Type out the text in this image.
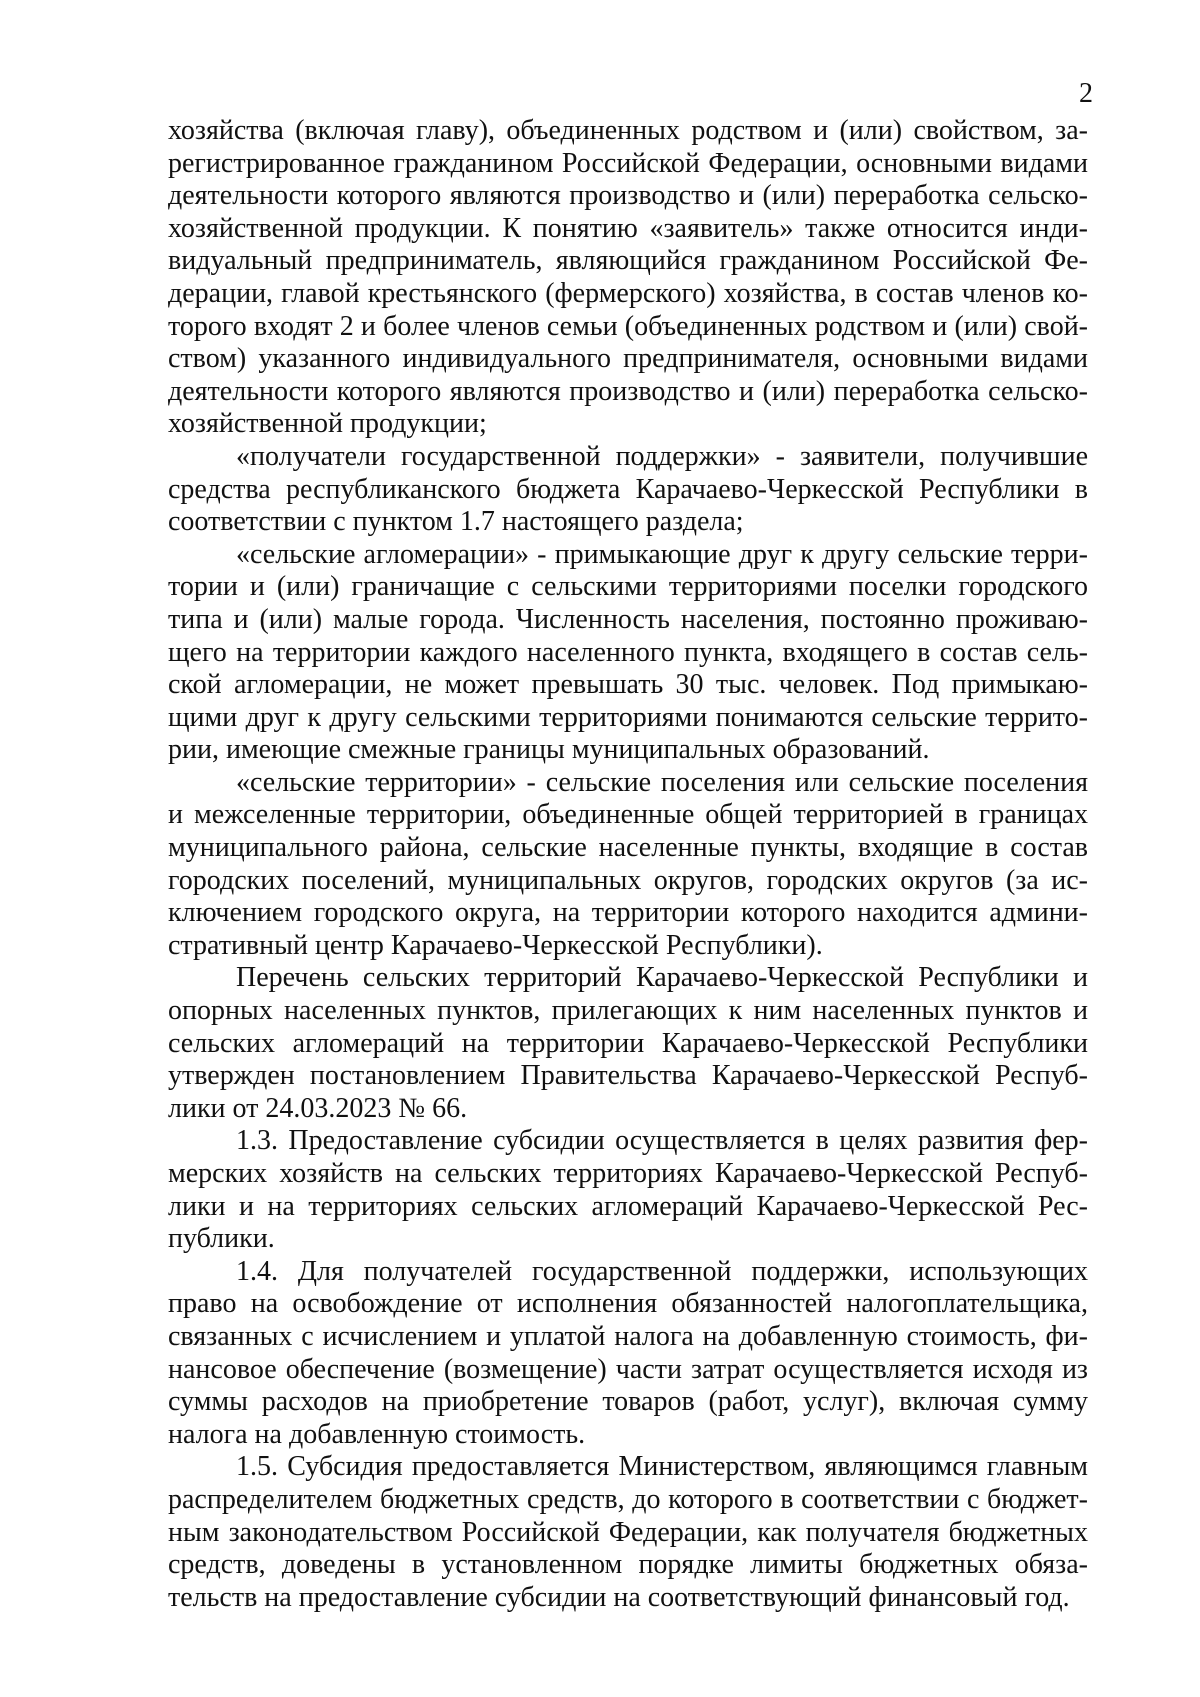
2

хозяйства (включая главу), объединенных родством и (или) свойством, зарегистрированное гражданином Российской Федерации, основными видами деятельности которого являются производство и (или) переработка сельскохозяйственной продукции. К понятию «заявитель» также относится индивидуальный предприниматель, являющийся гражданином Российской Федерации, главой крестьянского (фермерского) хозяйства, в состав членов которого входят 2 и более членов семьи (объединенных родством и (или) свойством) указанного индивидуального предпринимателя, основными видами деятельности которого являются производство и (или) переработка сельскохозяйственной продукции;

«получатели государственной поддержки» - заявители, получившие средства республиканского бюджета Карачаево-Черкесской Республики в соответствии с пунктом 1.7 настоящего раздела;

«сельские агломерации» - примыкающие друг к другу сельские территории и (или) граничащие с сельскими территориями поселки городского типа и (или) малые города. Численность населения, постоянно проживающего на территории каждого населенного пункта, входящего в состав сельской агломерации, не может превышать 30 тыс. человек. Под примыкающими друг к другу сельскими территориями понимаются сельские территории, имеющие смежные границы муниципальных образований.

«сельские территории» - сельские поселения или сельские поселения и межселенные территории, объединенные общей территорией в границах муниципального района, сельские населенные пункты, входящие в состав городских поселений, муниципальных округов, городских округов (за исключением городского округа, на территории которого находится административный центр Карачаево-Черкесской Республики).

Перечень сельских территорий Карачаево-Черкесской Республики и опорных населенных пунктов, прилегающих к ним населенных пунктов и сельских агломераций на территории Карачаево-Черкесской Республики утвержден постановлением Правительства Карачаево-Черкесской Республики от 24.03.2023 № 66.

1.3. Предоставление субсидии осуществляется в целях развития фермерских хозяйств на сельских территориях Карачаево-Черкесской Республики и на территориях сельских агломераций Карачаево-Черкесской Республики.

1.4. Для получателей государственной поддержки, использующих право на освобождение от исполнения обязанностей налогоплательщика, связанных с исчислением и уплатой налога на добавленную стоимость, финансовое обеспечение (возмещение) части затрат осуществляется исходя из суммы расходов на приобретение товаров (работ, услуг), включая сумму налога на добавленную стоимость.

1.5. Субсидия предоставляется Министерством, являющимся главным распределителем бюджетных средств, до которого в соответствии с бюджетным законодательством Российской Федерации, как получателя бюджетных средств, доведены в установленном порядке лимиты бюджетных обязательств на предоставление субсидии на соответствующий финансовый год.
